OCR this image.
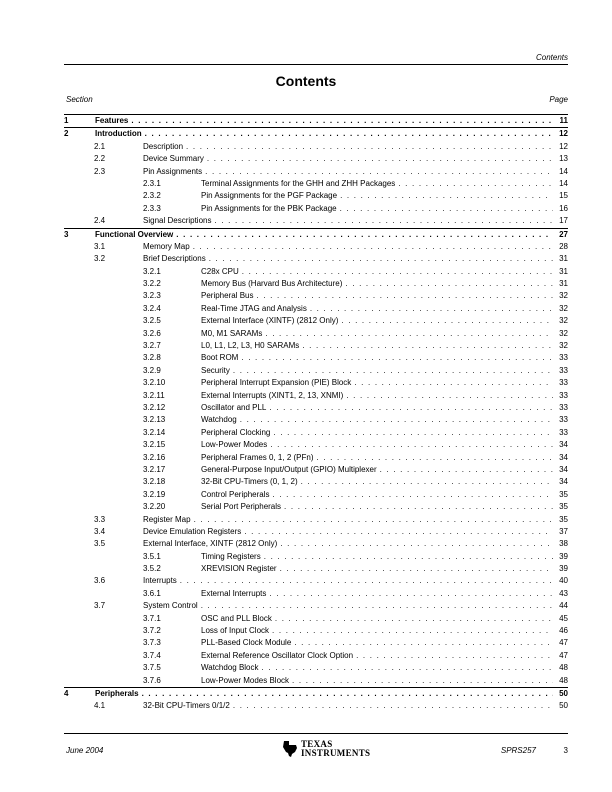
Contents
Contents
Section	Page
1	Features . . .	11
2	Introduction . . .	12
2.1	Description . . .	12
2.2	Device Summary . . .	13
2.3	Pin Assignments . . .	14
2.3.1	Terminal Assignments for the GHH and ZHH Packages . . .	14
2.3.2	Pin Assignments for the PGF Package . . .	15
2.3.3	Pin Assignments for the PBK Package . . .	16
2.4	Signal Descriptions . . .	17
3	Functional Overview . . .	27
3.1	Memory Map . . .	28
3.2	Brief Descriptions . . .	31
3.2.1	C28x CPU . . .	31
3.2.2	Memory Bus (Harvard Bus Architecture) . . .	31
3.2.3	Peripheral Bus . . .	32
3.2.4	Real-Time JTAG and Analysis . . .	32
3.2.5	External Interface (XINTF) (2812 Only) . . .	32
3.2.6	M0, M1 SARAMs . . .	32
3.2.7	L0, L1, L2, L3, H0 SARAMs . . .	32
3.2.8	Boot ROM . . .	33
3.2.9	Security . . .	33
3.2.10	Peripheral Interrupt Expansion (PIE) Block . . .	33
3.2.11	External Interrupts (XINT1, 2, 13, XNMI) . . .	33
3.2.12	Oscillator and PLL . . .	33
3.2.13	Watchdog . . .	33
3.2.14	Peripheral Clocking . . .	33
3.2.15	Low-Power Modes . . .	34
3.2.16	Peripheral Frames 0, 1, 2 (PFn) . . .	34
3.2.17	General-Purpose Input/Output (GPIO) Multiplexer . . .	34
3.2.18	32-Bit CPU-Timers (0, 1, 2) . . .	34
3.2.19	Control Peripherals . . .	35
3.2.20	Serial Port Peripherals . . .	35
3.3	Register Map . . .	35
3.4	Device Emulation Registers . . .	37
3.5	External Interface, XINTF (2812 Only) . . .	38
3.5.1	Timing Registers . . .	39
3.5.2	XREVISION Register . . .	39
3.6	Interrupts . . .	40
3.6.1	External Interrupts . . .	43
3.7	System Control . . .	44
3.7.1	OSC and PLL Block . . .	45
3.7.2	Loss of Input Clock . . .	46
3.7.3	PLL-Based Clock Module . . .	47
3.7.4	External Reference Oscillator Clock Option . . .	47
3.7.5	Watchdog Block . . .	48
3.7.6	Low-Power Modes Block . . .	48
4	Peripherals . . .	50
4.1	32-Bit CPU-Timers 0/1/2 . . .	50
June 2004
TEXAS
INSTRUMENTS	SPRS257	3
